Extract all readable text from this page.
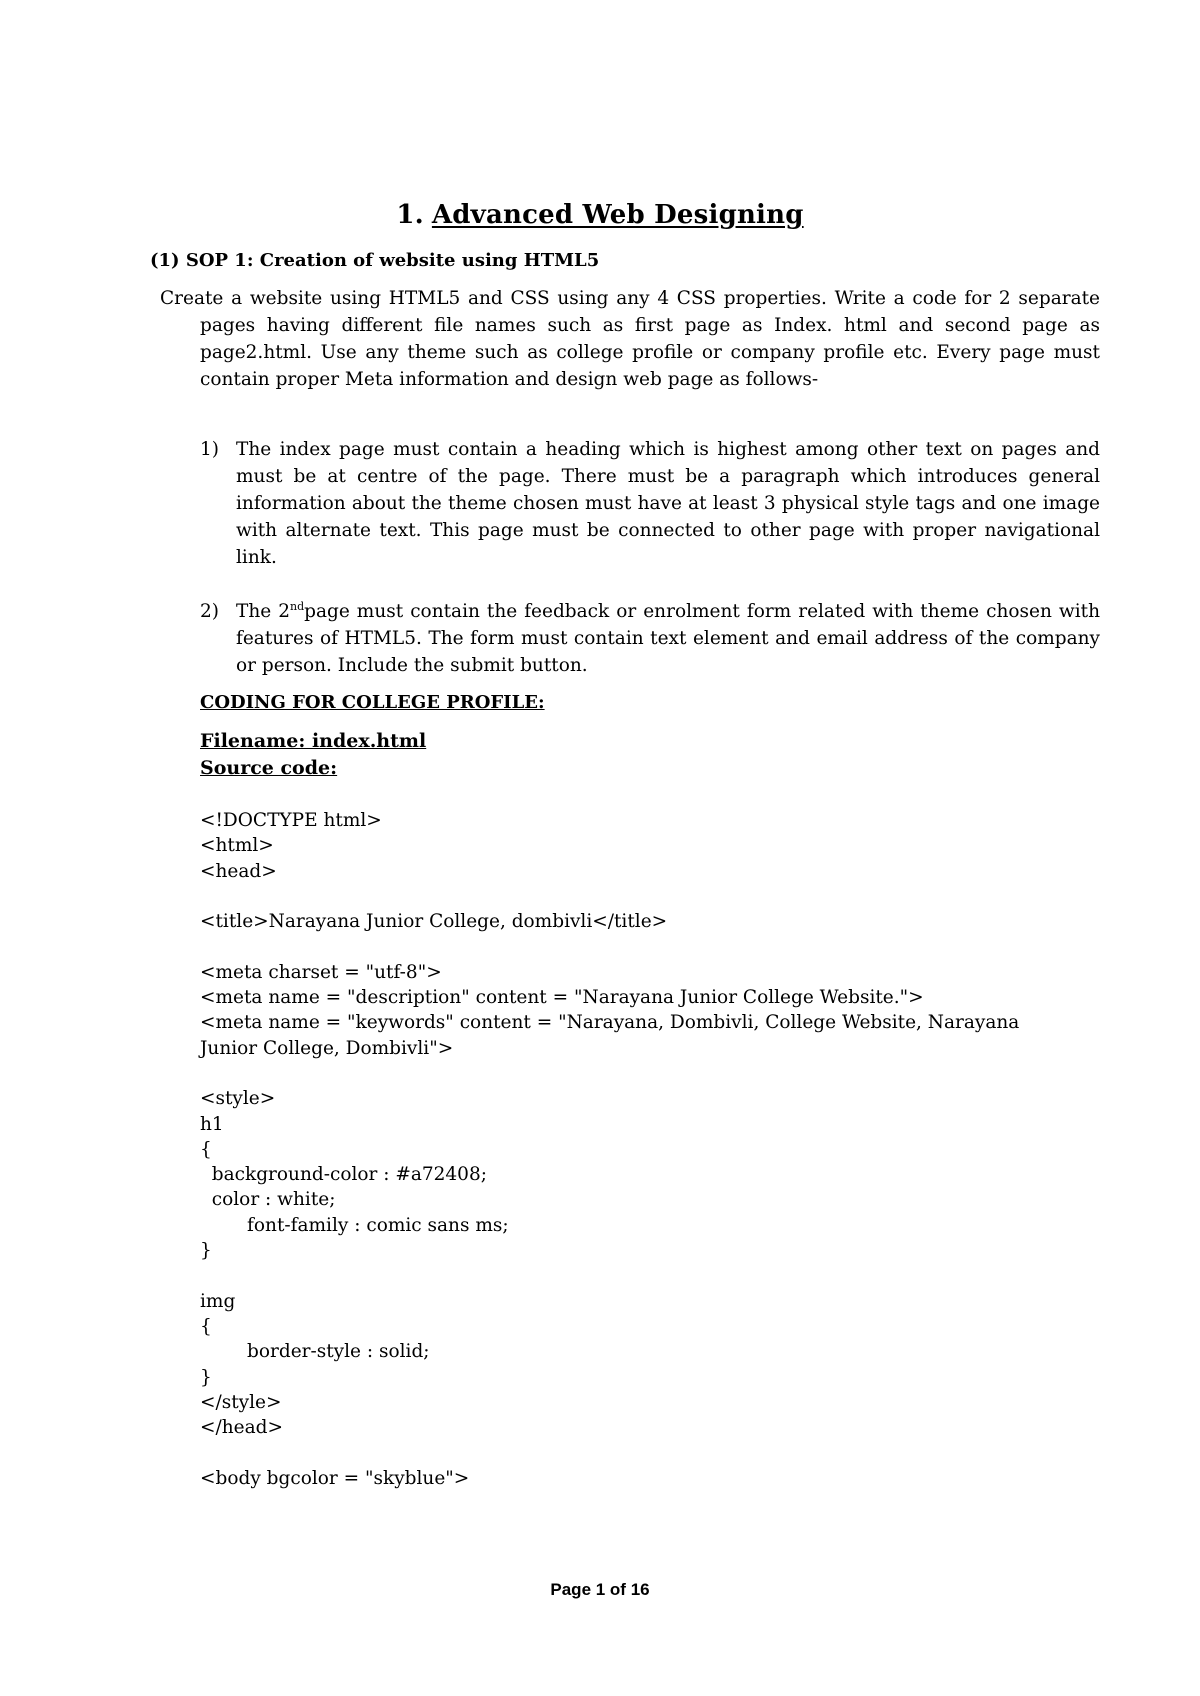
1. Advanced Web Designing
(1) SOP 1: Creation of website using HTML5
Create a website using HTML5 and CSS using any 4 CSS properties. Write a code for 2 separate pages having different file names such as first page as Index. html and second page as page2.html. Use any theme such as college profile or company profile etc. Every page must contain proper Meta information and design web page as follows-
1) The index page must contain a heading which is highest among other text on pages and must be at centre of the page. There must be a paragraph which introduces general information about the theme chosen must have at least 3 physical style tags and one image with alternate text. This page must be connected to other page with proper navigational link.
2) The 2ndpage must contain the feedback or enrolment form related with theme chosen with features of HTML5. The form must contain text element and email address of the company or person. Include the submit button.
CODING FOR COLLEGE PROFILE:
Filename: index.html
Source code:
<!DOCTYPE html>
<html>
<head>
<title>Narayana Junior College, dombivli</title>
<meta charset = "utf-8">
<meta name = "description" content = "Narayana Junior College Website.">
<meta name = "keywords" content = "Narayana, Dombivli, College Website, Narayana
Junior College, Dombivli">
<style>
h1
{
background-color : #a72408;
color : white;
font-family : comic sans ms;
}
img
{
border-style : solid;
}
</style>
</head>
<body bgcolor = "skyblue">
Page 1 of 16
